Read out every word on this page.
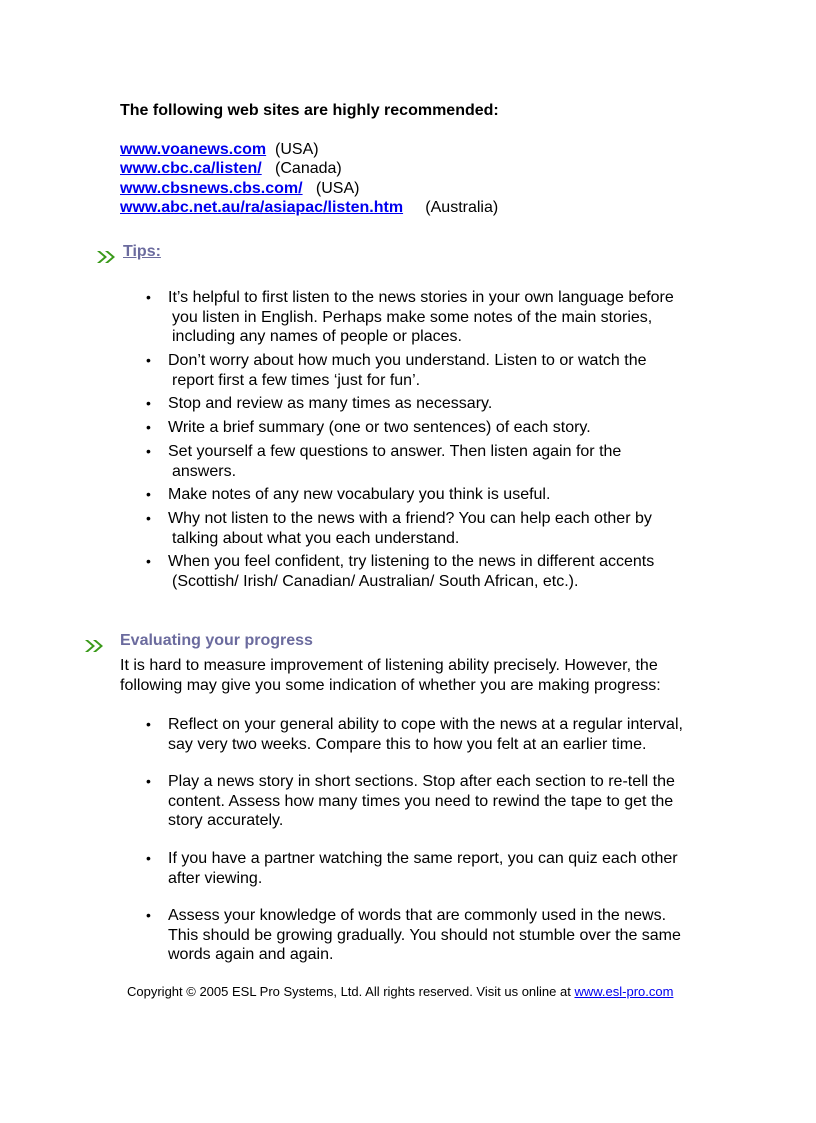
The following web sites are highly recommended:
www.voanews.com (USA)
www.cbc.ca/listen/ (Canada)
www.cbsnews.cbs.com/ (USA)
www.abc.net.au/ra/asiapac/listen.htm (Australia)
Tips:
• It’s helpful to first listen to the news stories in your own language before
you listen in English. Perhaps make some notes of the main stories,
including any names of people or places.
• Don’t worry about how much you understand. Listen to or watch the
report first a few times ‘just for fun’.
• Stop and review as many times as necessary.
• Write a brief summary (one or two sentences) of each story.
• Set yourself a few questions to answer. Then listen again for the
answers.
• Make notes of any new vocabulary you think is useful.
• Why not listen to the news with a friend? You can help each other by
talking about what you each understand.
• When you feel confident, try listening to the news in different accents
(Scottish/ Irish/ Canadian/ Australian/ South African, etc.).
Evaluating your progress
It is hard to measure improvement of listening ability precisely. However, the following may give you some indication of whether you are making progress:
• Reflect on your general ability to cope with the news at a regular interval, say very two weeks. Compare this to how you felt at an earlier time.
• Play a news story in short sections. Stop after each section to re-tell the content. Assess how many times you need to rewind the tape to get the story accurately.
• If you have a partner watching the same report, you can quiz each other after viewing.
• Assess your knowledge of words that are commonly used in the news. This should be growing gradually. You should not stumble over the same words again and again.
Copyright © 2005 ESL Pro Systems, Ltd. All rights reserved. Visit us online at www.esl-pro.com
